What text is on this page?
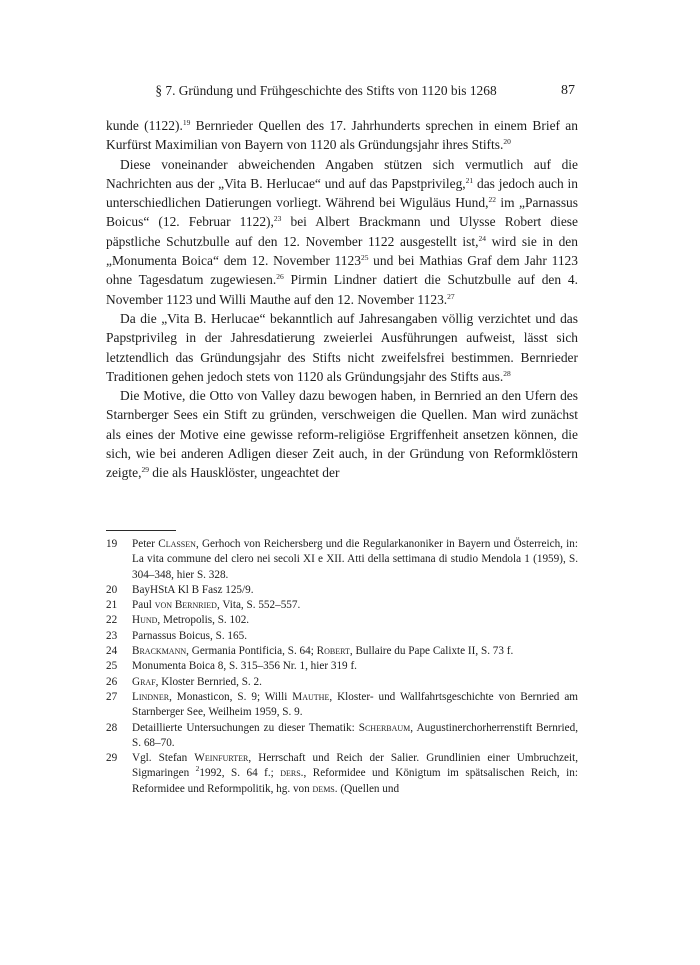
§ 7. Gründung und Frühgeschichte des Stifts von 1120 bis 1268	87

kunde (1122).$^{19}$ Bernrieder Quellen des 17. Jahrhunderts sprechen in einem Brief an Kurfürst Maximilian von Bayern von 1120 als Gründungsjahr ihres Stifts.$^{20}$

Diese voneinander abweichenden Angaben stützen sich vermutlich auf die Nachrichten aus der „Vita B. Herlucae“ und auf das Papstprivileg,$^{21}$ das jedoch auch in unterschiedlichen Datierungen vorliegt. Während bei Wiguläus Hund,$^{22}$ im „Parnassus Boicus“ (12. Februar 1122),$^{23}$ bei Albert Brackmann und Ulysse Robert diese päpstliche Schutzbulle auf den 12. November 1122 ausgestellt ist,$^{24}$ wird sie in den „Monumenta Boica“ dem 12. November 1123$^{25}$ und bei Mathias Graf dem Jahr 1123 ohne Tagesdatum zugewiesen.$^{26}$ Pirmin Lindner datiert die Schutzbulle auf den 4. November 1123 und Willi Mauthe auf den 12. November 1123.27

Da die „Vita B. Herlucae“ bekanntlich auf Jahresangaben völlig verzichtet und das Papstprivileg in der Jahresdatierung zweierlei Ausführungen aufweist, lässt sich letztendlich das Gründungsjahr des Stifts nicht zweifelsfrei bestimmen. Bernrieder Traditionen gehen jedoch stets von 1120 als Gründungsjahr des Stifts aus.$^{28}$

Die Motive, die Otto von Valley dazu bewogen haben, in Bernried an den Ufern des Starnberger Sees ein Stift zu gründen, verschweigen die Quellen. Man wird zunächst als eines der Motive eine gewisse reform-religiöse Ergriffenheit ansetzen können, die sich, wie bei anderen Adligen dieser Zeit auch, in der Gründung von Reformklöstern zeigte,$^{29}$ die als Hausklöster, ungeachtet der

19	Peter Classen, Gerhoch von Reichersberg und die Regularkanoniker in Bayern und Österreich, in: La vita commune del clero nei secoli XI e XII. Atti della settimana di studio Mendola 1 (1959), S. 304–348, hier S. 328.
20	BayHStA Kl B Fasz 125/9.
21	Paul von Bernried, Vita, S. 552–557.
22	Hund, Metropolis, S. 102.
23	Parnassus Boicus, S. 165.
24	Brackmann, Germania Pontificia, S. 64; Robert, Bullaire du Pape Calixte II, S. 73 f.
25	Monumenta Boica 8, S. 315–356 Nr. 1, hier 319 f.
26	Graf, Kloster Bernried, S. 2.
27	Lindner, Monasticon, S. 9; Willi Mauthe, Kloster- und Wallfahrtsgeschichte von Bernried am Starnberger See, Weilheim 1959, S. 9.
28	Detaillierte Untersuchungen zu dieser Thematik: Scherbaum, Augustinerchorherrenstift Bernried, S. 68–70.
29	Vgl. Stefan Weinfurter, Herrschaft und Reich der Salier. Grundlinien einer Umbruchzeit, Sigmaringen $^2$1992, S. 64 f.; ders., Reformidee und Königtum im spätsalischen Reich, in: Reformidee und Reformpolitik, hg. von dems. (Quellen und
